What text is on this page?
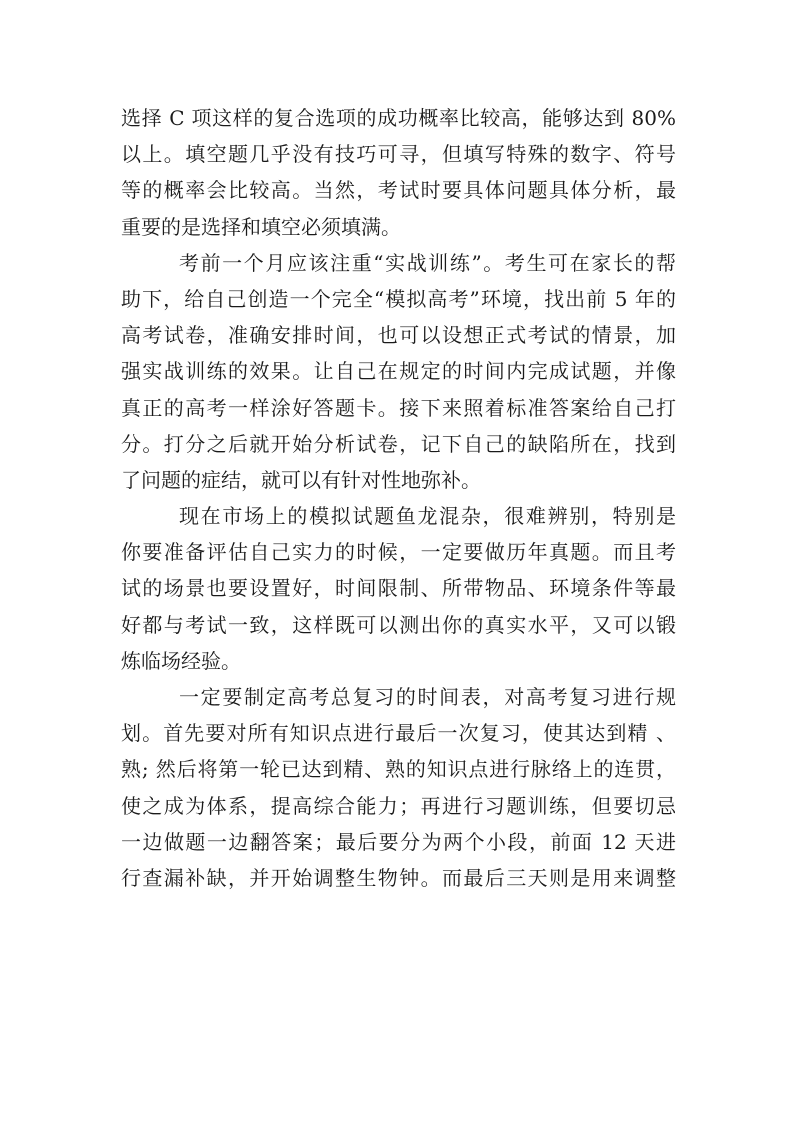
选择 C 项这样的复合选项的成功概率比较高，能够达到 80%
以上。填空题几乎没有技巧可寻，但填写特殊的数字、符号
等的概率会比较高。当然，考试时要具体问题具体分析，最
重要的是选择和填空必须填满。
考前一个月应该注重“实战训练”。考生可在家长的帮
助下，给自己创造一个完全“模拟高考”环境，找出前 5 年的
高考试卷，准确安排时间，也可以设想正式考试的情景，加
强实战训练的效果。让自己在规定的时间内完成试题，并像
真正的高考一样涂好答题卡。接下来照着标准答案给自己打
分。打分之后就开始分析试卷，记下自己的缺陷所在，找到
了问题的症结，就可以有针对性地弥补。
现在市场上的模拟试题鱼龙混杂，很难辨别，特别是
你要准备评估自己实力的时候，一定要做历年真题。而且考
试的场景也要设置好，时间限制、所带物品、环境条件等最
好都与考试一致，这样既可以测出你的真实水平，又可以锻
炼临场经验。
一定要制定高考总复习的时间表，对高考复习进行规
划。首先要对所有知识点进行最后一次复习，使其达到精 、
熟; 然后将第一轮已达到精、熟的知识点进行脉络上的连贯，
使之成为体系，提高综合能力；再进行习题训练，但要切忌
一边做题一边翻答案；最后要分为两个小段，前面 12 天进
行查漏补缺，并开始调整生物钟。而最后三天则是用来调整
